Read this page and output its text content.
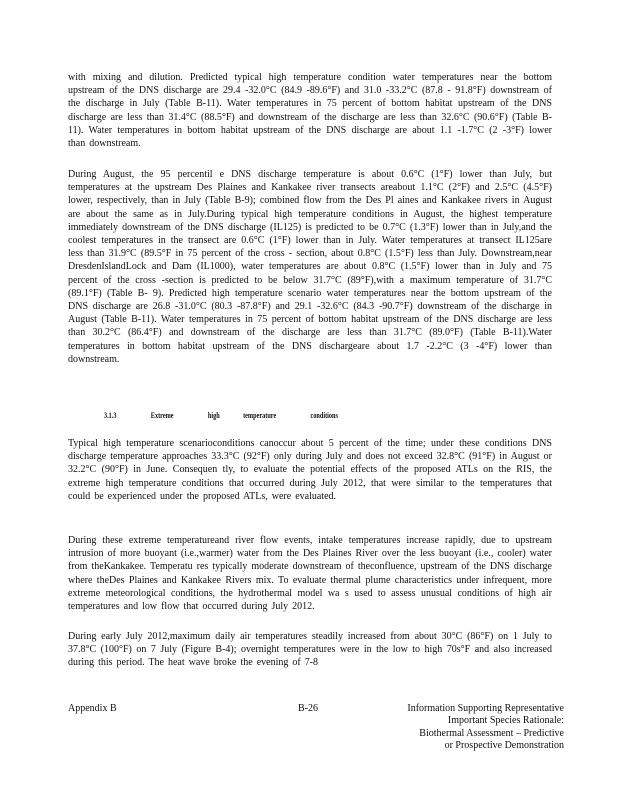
with mixing and dilution. Predicted typical high temperature condition water temperatures near the bottom upstream of the DNS discharge are 29.4 -32.0°C (84.9 -89.6°F) and 31.0 -33.2°C (87.8 - 91.8°F) downstream of the discharge in July (Table B-11). Water temperatures in 75 percent of bottom habitat upstream of the DNS discharge are less than 31.4°C (88.5°F) and downstream of the discharge are less than 32.6°C (90.6°F) (Table B-11). Water temperatures in bottom habitat upstream of the DNS discharge are about 1.1 -1.7°C (2 -3°F) lower than downstream.
During August, the 95 percentil e DNS discharge temperature is about 0.6°C (1°F) lower than July, but temperatures at the upstream Des Plaines and Kankakee river transects areabout 1.1°C (2°F) and 2.5°C (4.5°F) lower, respectively, than in July (Table B-9); combined flow from the Des Pl aines and Kankakee rivers in August are about the same as in July.During typical high temperature conditions in August, the highest temperature immediately downstream of the DNS discharge (IL125) is predicted to be 0.7°C (1.3°F) lower than in July,and the coolest temperatures in the transect are 0.6°C (1°F) lower than in July. Water temperatures at transect IL125are less than 31.9°C (89.5°F in 75 percent of the cross - section, about 0.8°C (1.5°F) less than July. Downstream,near DresdenIslandLock and Dam (IL1000), water temperatures are about 0.8°C (1.5°F) lower than in July and 75 percent of the cross -section is predicted to be below 31.7°C (89°F),with a maximum temperature of 31.7°C (89.1°F) (Table B- 9). Predicted high temperature scenario water temperatures near the bottom upstream of the DNS discharge are 26.8 -31.0°C (80.3 -87.8°F) and 29.1 -32.6°C (84.3 -90.7°F) downstream of the discharge in August (Table B-11). Water temperatures in 75 percent of bottom habitat upstream of the DNS discharge are less than 30.2°C (86.4°F) and downstream of the discharge are less than 31.7°C (89.0°F) (Table B-11).Water temperatures in bottom habitat upstream of the DNS dischargeare about 1.7 -2.2°C (3 -4°F) lower than downstream.
3.1.3	Extreme	high	temperature	conditions
Typical high temperature scenarioconditions canoccur about 5 percent of the time; under these conditions DNS discharge temperature approaches 33.3°C (92°F) only during July and does not exceed 32.8°C (91°F) in August or 32.2°C (90°F) in June. Consequen tly, to evaluate the potential effects of the proposed ATLs on the RIS, the extreme high temperature conditions that occurred during July 2012, that were similar to the temperatures that could be experienced under the proposed ATLs, were evaluated.
During these extreme temperatureand river flow events, intake temperatures increase rapidly, due to upstream intrusion of more buoyant (i.e.,warmer) water from the Des Plaines River over the less buoyant (i.e., cooler) water from theKankakee. Temperatu res typically moderate downstream of theconfluence, upstream of the DNS discharge where theDes Plaines and Kankakee Rivers mix. To evaluate thermal plume characteristics under infrequent, more extreme meteorological conditions, the hydrothermal model wa s used to assess unusual conditions of high air temperatures and low flow that occurred during July 2012.
During early July 2012,maximum daily air temperatures steadily increased from about 30°C (86°F) on 1 July to 37.8°C (100°F) on 7 July (Figure B-4); overnight temperatures were in the low to high 70s°F and also increased during this period. The heat wave broke the evening of 7-8
Appendix B	B-26	Information Supporting Representative
Important Species Rationale:
Biothermal Assessment – Predictive
or Prospective Demonstration
